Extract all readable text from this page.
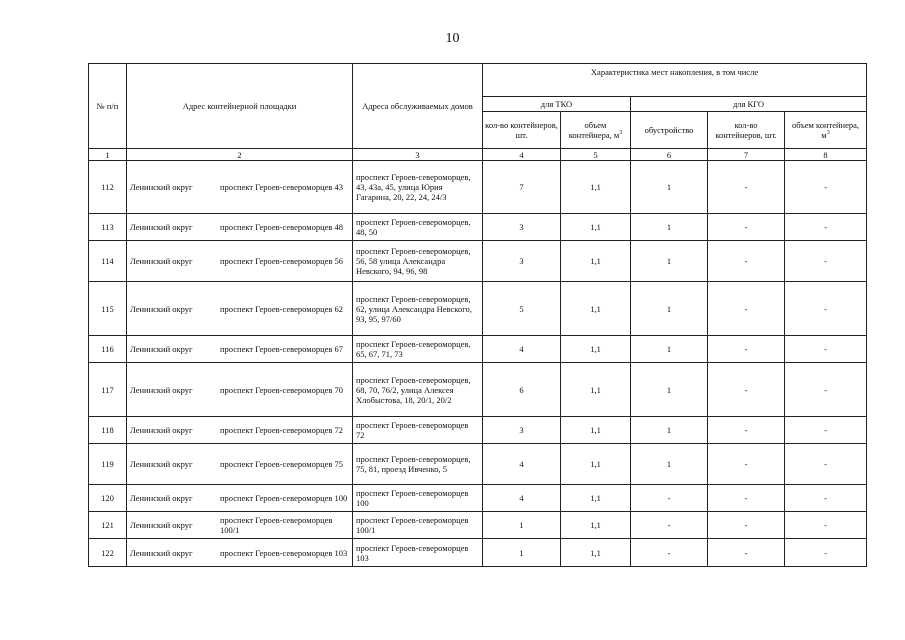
10
№ п/п	Адрес контейнерной площадки	Адреса обслуживаемых домов	Характеристика мест накопления, в том числе				
			для ТКО		для КГО		
			кол-во контейнеров, шт.	объем контейнера, $м^3$	обустройство	кол-во контейнеров, шт.	объем контейнера, $м^3$
1	2	3	4	5	6	7	8
112	Ленинский округ проспект Героев-североморцев 43	проспект Героев-североморцев, 43, 43а, 45, улица Юрия Гагарина, 20, 22, 24, 24/3	7	1,1	1	-	-
113	Ленинский округ проспект Героев-североморцев 48	проспект Героев-североморцев, 48, 50	3	1,1	1	-	-
114	Ленинский округ проспект Героев-североморцев 56	проспект Героев-североморцев, 56, 58 улица Александра Невского, 94, 96, 98	3	1,1	1	-	-
115	Ленинский округ проспект Героев-североморцев 62	проспект Героев-североморцев, 62, улица Александра Невского, 93, 95, 97/60	5	1,1	1	-	-
116	Ленинский округ проспект Героев-североморцев 67	проспект Героев-североморцев, 65, 67, 71, 73	4	1,1	1	-	-
117	Ленинский округ проспект Героев-североморцев 70	проспект Героев-североморцев, 68, 70, 76/2, улица Алексея Хлобыстова, 18, 20/1, 20/2	6	1,1	1	-	-
118	Ленинский округ проспект Героев-североморцев 72	проспект Героев-североморцев 72	3	1,1	1	-	-
119	Ленинский округ проспект Героев-североморцев 75	проспект Героев-североморцев, 75, 81, проезд Ивченко, 5	4	1,1	1	-	-
120	Ленинский округ проспект Героев-североморцев 100	проспект Героев-североморцев 100	4	1,1	-	-	-
121	Ленинский округ проспект Героев-североморцев 100/1	проспект Героев-североморцев 100/1	1	1,1	-	-	-
122	Ленинский округ проспект Героев-североморцев 103	проспект Героев-североморцев 103	1	1,1	-	-	-
